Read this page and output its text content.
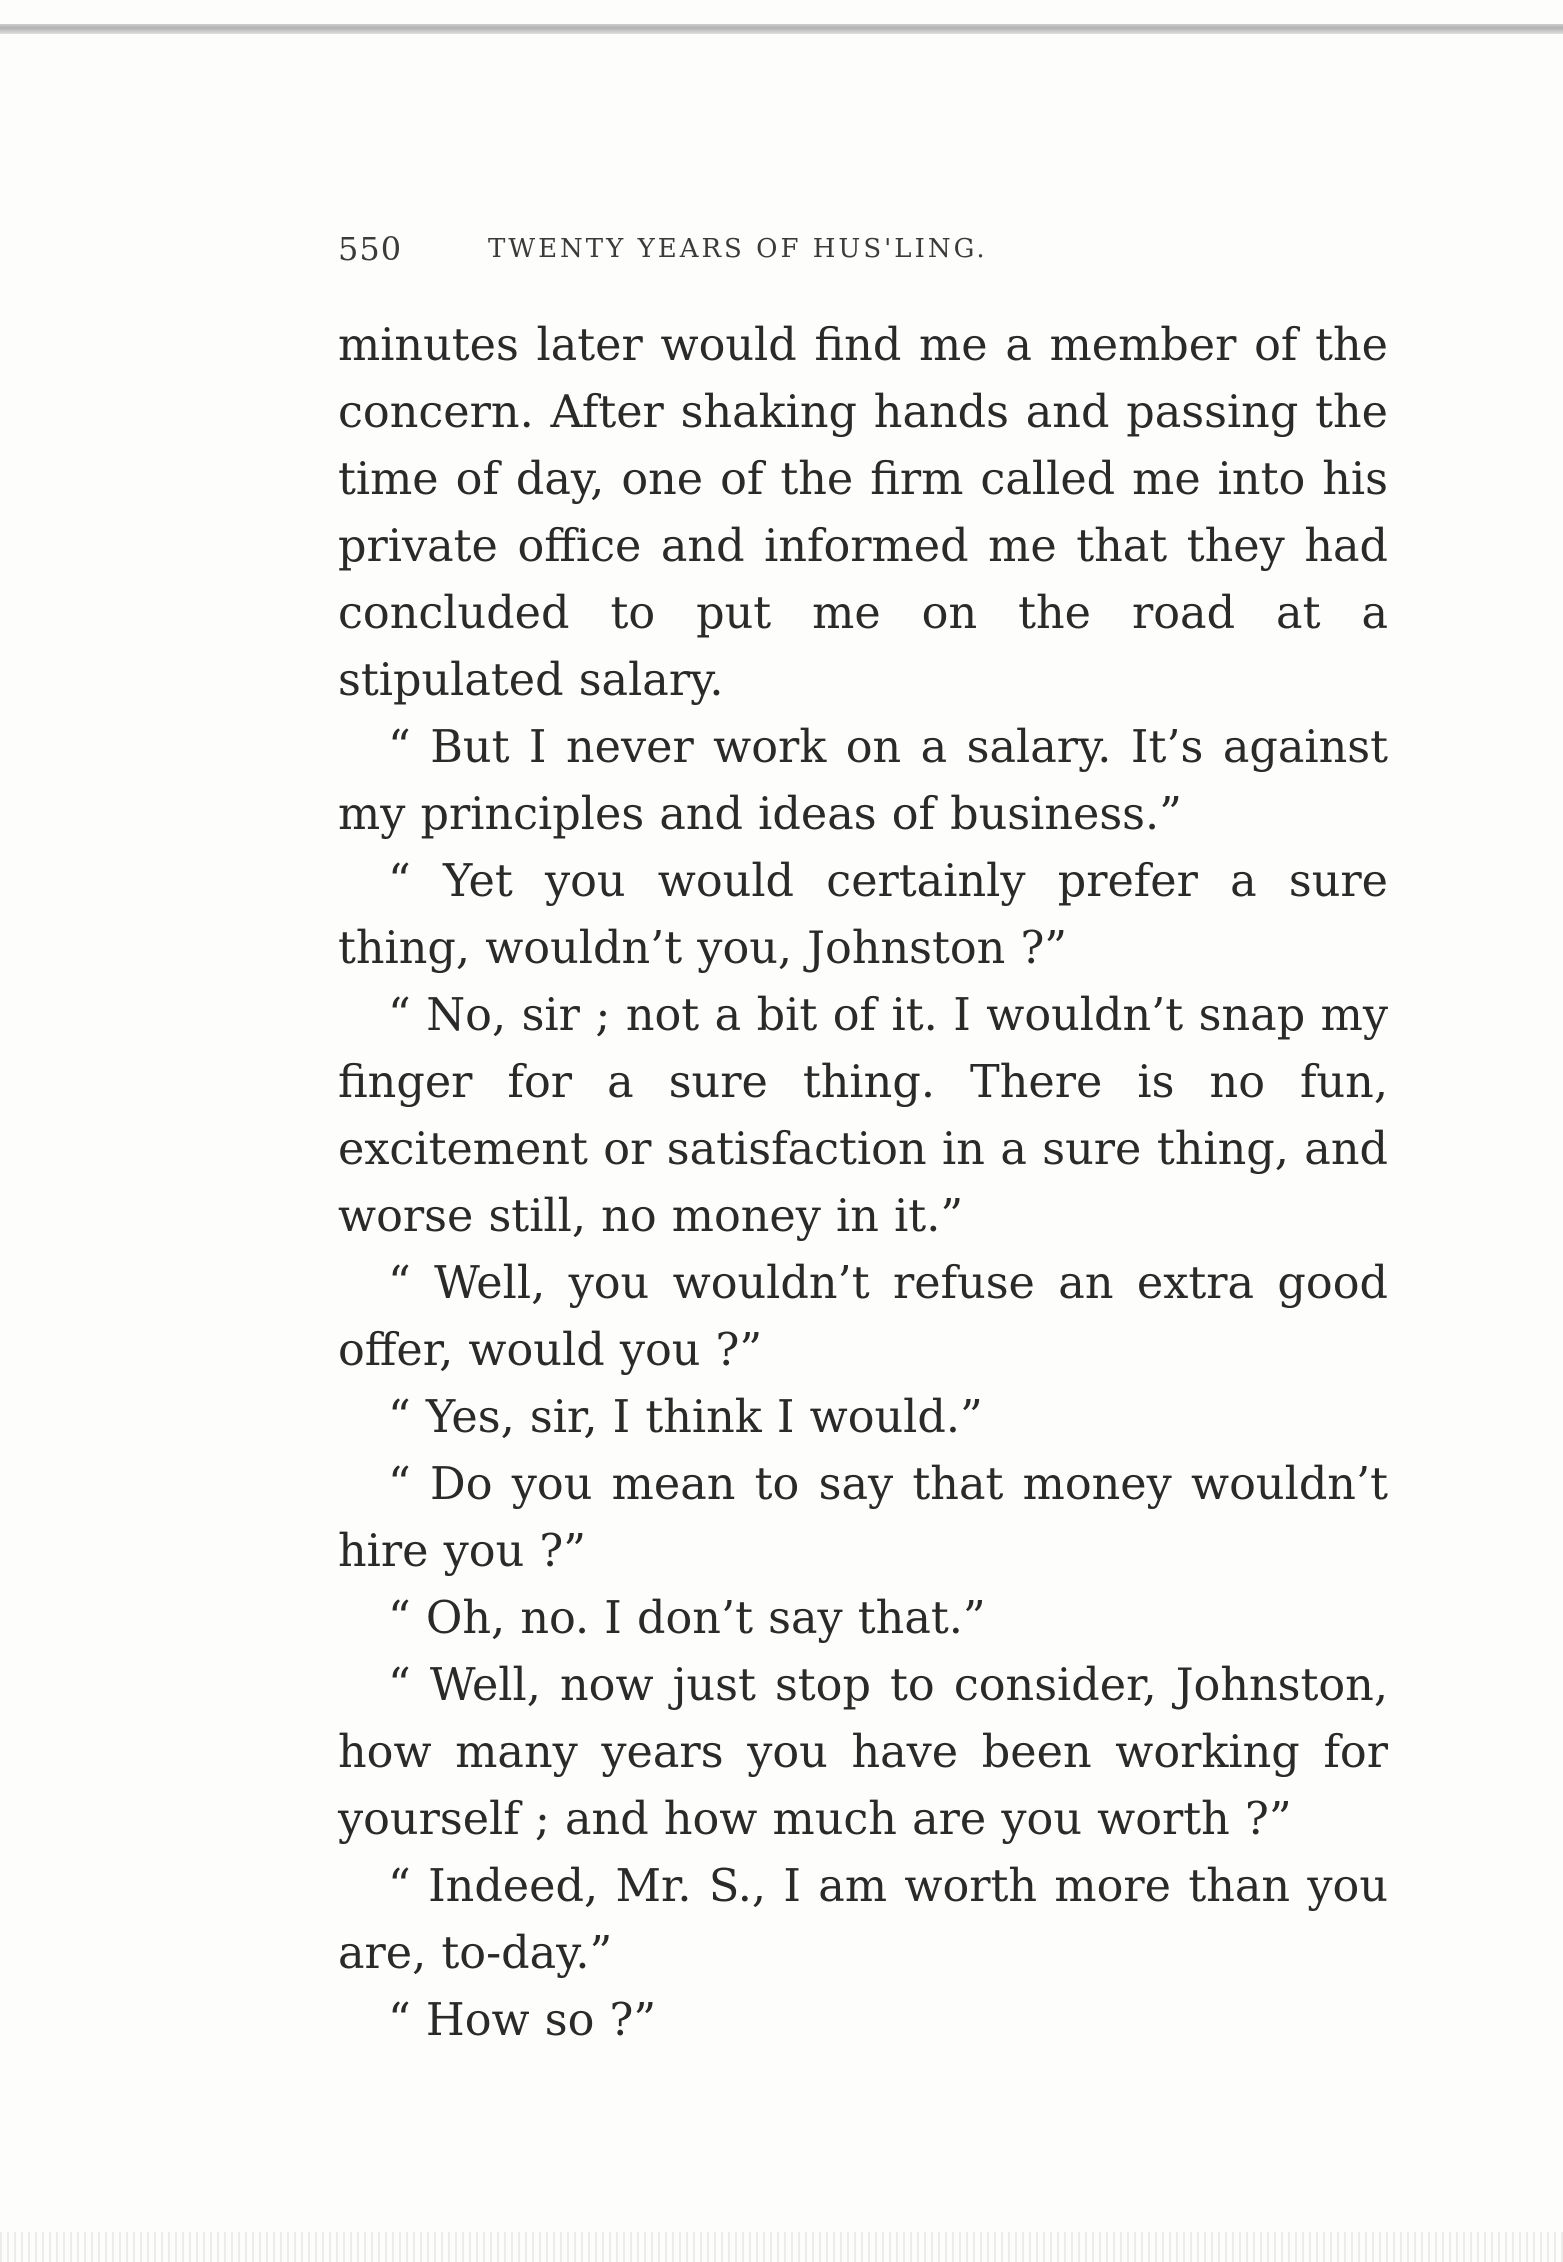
550	TWENTY YEARS OF HUS'LING.

minutes later would find me a member of the concern. After shaking hands and passing the time of day, one of the firm called me into his private office and informed me that they had concluded to put me on the road at a stipulated salary.

“ But I never work on a salary. It’s against my principles and ideas of business.”

“ Yet you would certainly prefer a sure thing, wouldn’t you, Johnston ?”

“ No, sir ; not a bit of it. I wouldn’t snap my finger for a sure thing. There is no fun, excitement or satisfaction in a sure thing, and worse still, no money in it.”

“ Well, you wouldn’t refuse an extra good offer, would you ?”

“ Yes, sir, I think I would.”

“ Do you mean to say that money wouldn’t hire you ?”

“ Oh, no. I don’t say that.”

“ Well, now just stop to consider, Johnston, how many years you have been working for yourself ; and how much are you worth ?”

“ Indeed, Mr. S., I am worth more than you are, to-day.”

“ How so ?”
